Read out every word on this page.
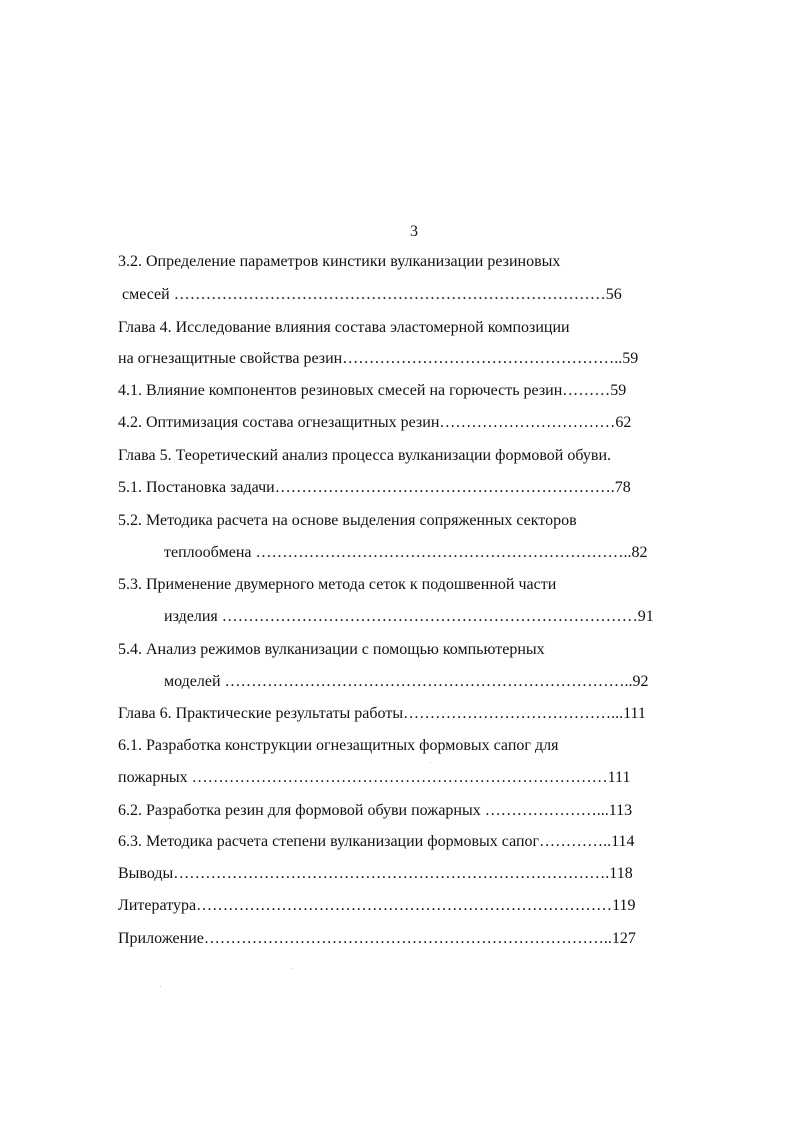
3
3.2. Определение параметров кинстики вулканизации резиновых
смесей ………………………………………………………………………56
Глава 4. Исследование влияния состава эластомерной композиции
на огнезащитные свойства резин……………………………………………..59
4.1. Влияние компонентов резиновых смесей на горючесть резин………59
4.2. Оптимизация состава огнезащитных резин……………………………62
Глава 5. Теоретический анализ процесса вулканизации формовой обуви.
5.1. Постановка задачи……………………………………………………….78
5.2. Методика расчета на основе выделения сопряженных секторов
теплообмена ……………………………………………………………..82
5.3. Применение двумерного метода сеток к подошвенной части
изделия ……………………………………………………………………91
5.4. Анализ режимов вулканизации с помощью компьютерных
моделей …………………………………………………………………..92
Глава 6. Практические результаты работы…………………………………...111
6.1. Разработка конструкции огнезащитных формовых сапог для
пожарных ……………………………………………………………………111
6.2. Разработка резин для формовой обуви пожарных …………………...113
6.3. Методика расчета степени вулканизации формовых сапог…………..114
Выводы……………………………………………………………………….118
Литература……………………………………………………………………119
Приложение…………………………………………………………………..127
